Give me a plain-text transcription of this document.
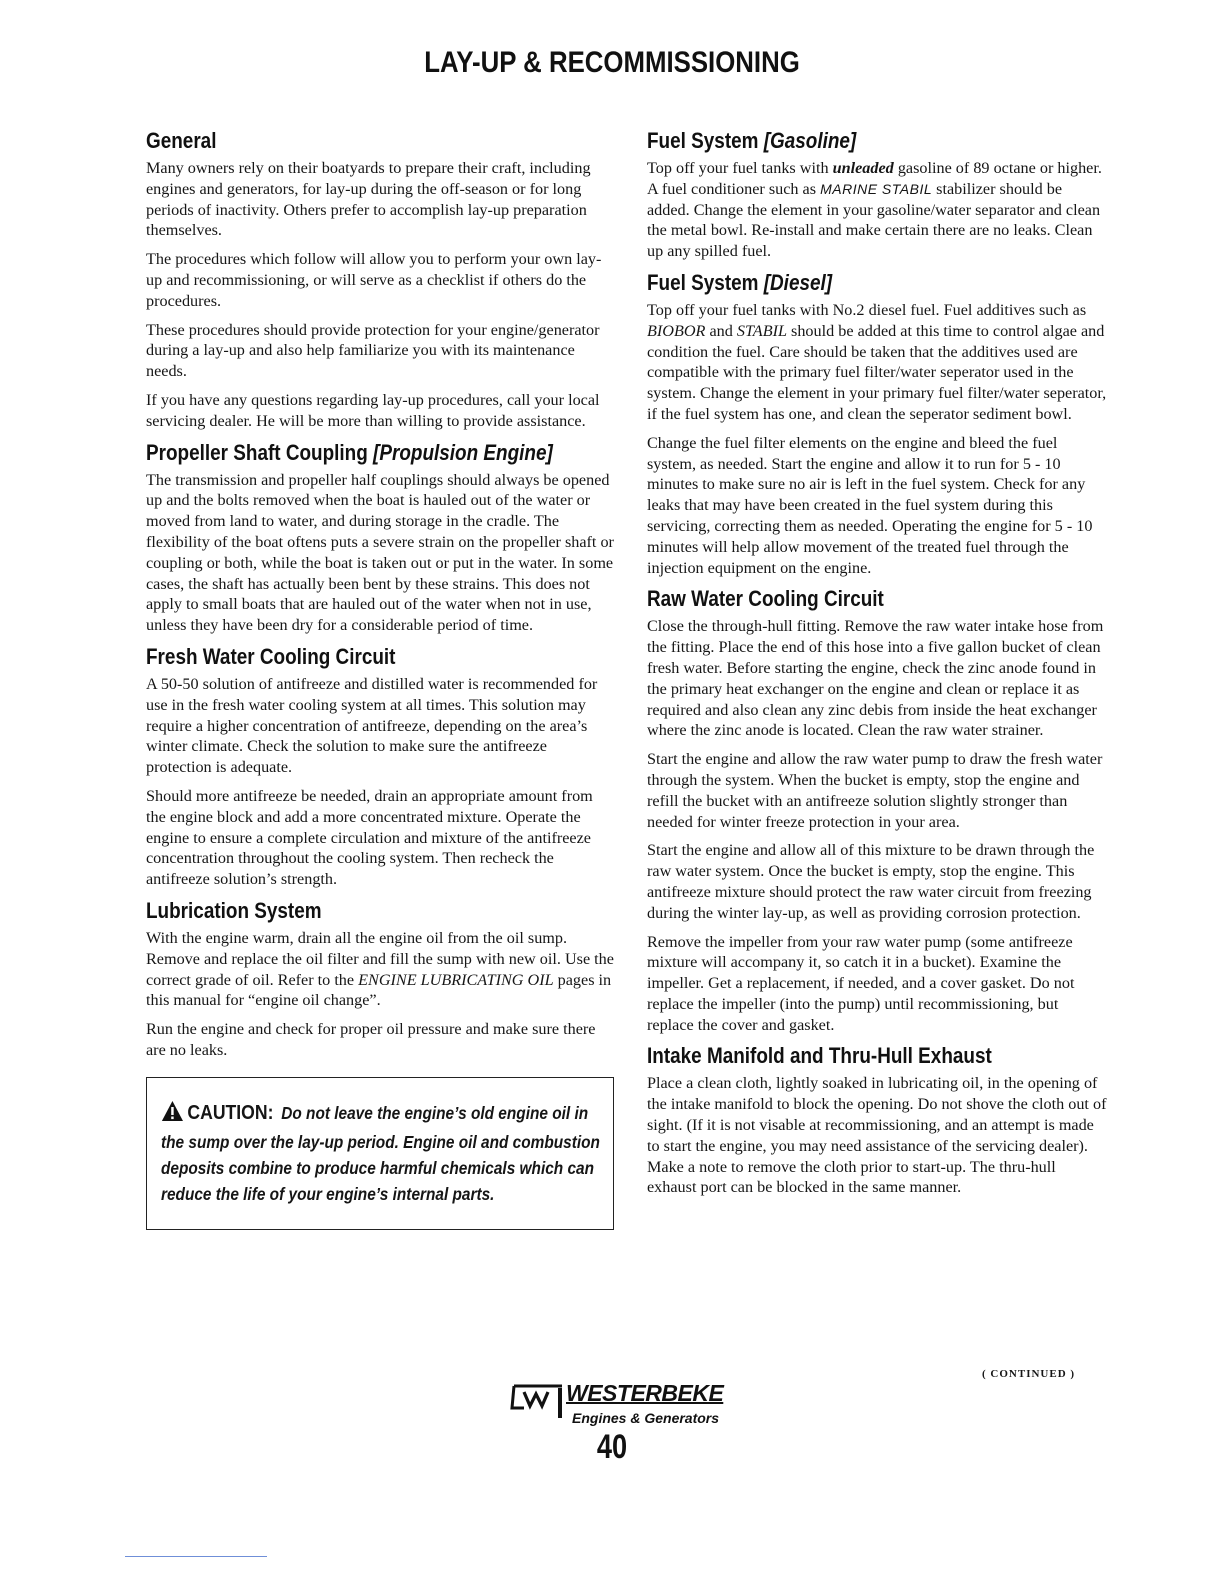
LAY-UP & RECOMMISSIONING
General

Many owners rely on their boatyards to prepare their craft, including engines and generators, for lay-up during the off-season or for long periods of inactivity. Others prefer to accomplish lay-up preparation themselves.

The procedures which follow will allow you to perform your own lay-up and recommissioning, or will serve as a checklist if others do the procedures.

These procedures should provide protection for your engine/generator during a lay-up and also help familiarize you with its maintenance needs.

If you have any questions regarding lay-up procedures, call your local servicing dealer. He will be more than willing to provide assistance.

Propeller Shaft Coupling [Propulsion Engine]

The transmission and propeller half couplings should always be opened up and the bolts removed when the boat is hauled out of the water or moved from land to water, and during storage in the cradle. The flexibility of the boat oftens puts a severe strain on the propeller shaft or coupling or both, while the boat is taken out or put in the water. In some cases, the shaft has actually been bent by these strains. This does not apply to small boats that are hauled out of the water when not in use, unless they have been dry for a considerable period of time.

Fresh Water Cooling Circuit

A 50-50 solution of antifreeze and distilled water is recommended for use in the fresh water cooling system at all times. This solution may require a higher concentration of antifreeze, depending on the area’s winter climate. Check the solution to make sure the antifreeze protection is adequate.

Should more antifreeze be needed, drain an appropriate amount from the engine block and add a more concentrated mixture. Operate the engine to ensure a complete circulation and mixture of the antifreeze concentration throughout the cooling system. Then recheck the antifreeze solution’s strength.

Lubrication System

With the engine warm, drain all the engine oil from the oil sump. Remove and replace the oil filter and fill the sump with new oil. Use the correct grade of oil. Refer to the ENGINE LUBRICATING OIL pages in this manual for “engine oil change”.

Run the engine and check for proper oil pressure and make sure there are no leaks.

CAUTION: Do not leave the engine’s old engine oil in the sump over the lay-up period. Engine oil and combustion deposits combine to produce harmful chemicals which can reduce the life of your engine’s internal parts.
Fuel System [Gasoline]

Top off your fuel tanks with unleaded gasoline of 89 octane or higher. A fuel conditioner such as MARINE STABIL stabilizer should be added. Change the element in your gasoline/water separator and clean the metal bowl. Re-install and make certain there are no leaks. Clean up any spilled fuel.

Fuel System [Diesel]

Top off your fuel tanks with No.2 diesel fuel. Fuel additives such as BIOBOR and STABIL should be added at this time to control algae and condition the fuel. Care should be taken that the additives used are compatible with the primary fuel filter/water seperator used in the system. Change the element in your primary fuel filter/water seperator, if the fuel system has one, and clean the seperator sediment bowl.

Change the fuel filter elements on the engine and bleed the fuel system, as needed. Start the engine and allow it to run for 5 - 10 minutes to make sure no air is left in the fuel system. Check for any leaks that may have been created in the fuel system during this servicing, correcting them as needed. Operating the engine for 5 - 10 minutes will help allow movement of the treated fuel through the injection equipment on the engine.

Raw Water Cooling Circuit

Close the through-hull fitting. Remove the raw water intake hose from the fitting. Place the end of this hose into a five gallon bucket of clean fresh water. Before starting the engine, check the zinc anode found in the primary heat exchanger on the engine and clean or replace it as required and also clean any zinc debis from inside the heat exchanger where the zinc anode is located. Clean the raw water strainer.

Start the engine and allow the raw water pump to draw the fresh water through the system. When the bucket is empty, stop the engine and refill the bucket with an antifreeze solution slightly stronger than needed for winter freeze protection in your area.

Start the engine and allow all of this mixture to be drawn through the raw water system. Once the bucket is empty, stop the engine. This antifreeze mixture should protect the raw water circuit from freezing during the winter lay-up, as well as providing corrosion protection.

Remove the impeller from your raw water pump (some antifreeze mixture will accompany it, so catch it in a bucket). Examine the impeller. Get a replacement, if needed, and a cover gasket. Do not replace the impeller (into the pump) until recommissioning, but replace the cover and gasket.

Intake Manifold and Thru-Hull Exhaust

Place a clean cloth, lightly soaked in lubricating oil, in the opening of the intake manifold to block the opening. Do not shove the cloth out of sight. (If it is not visable at recommissioning, and an attempt is made to start the engine, you may need assistance of the servicing dealer). Make a note to remove the cloth prior to start-up. The thru-hull exhaust port can be blocked in the same manner.

( CONTINUED )
WESTERBEKE
Engines & Generators
40
